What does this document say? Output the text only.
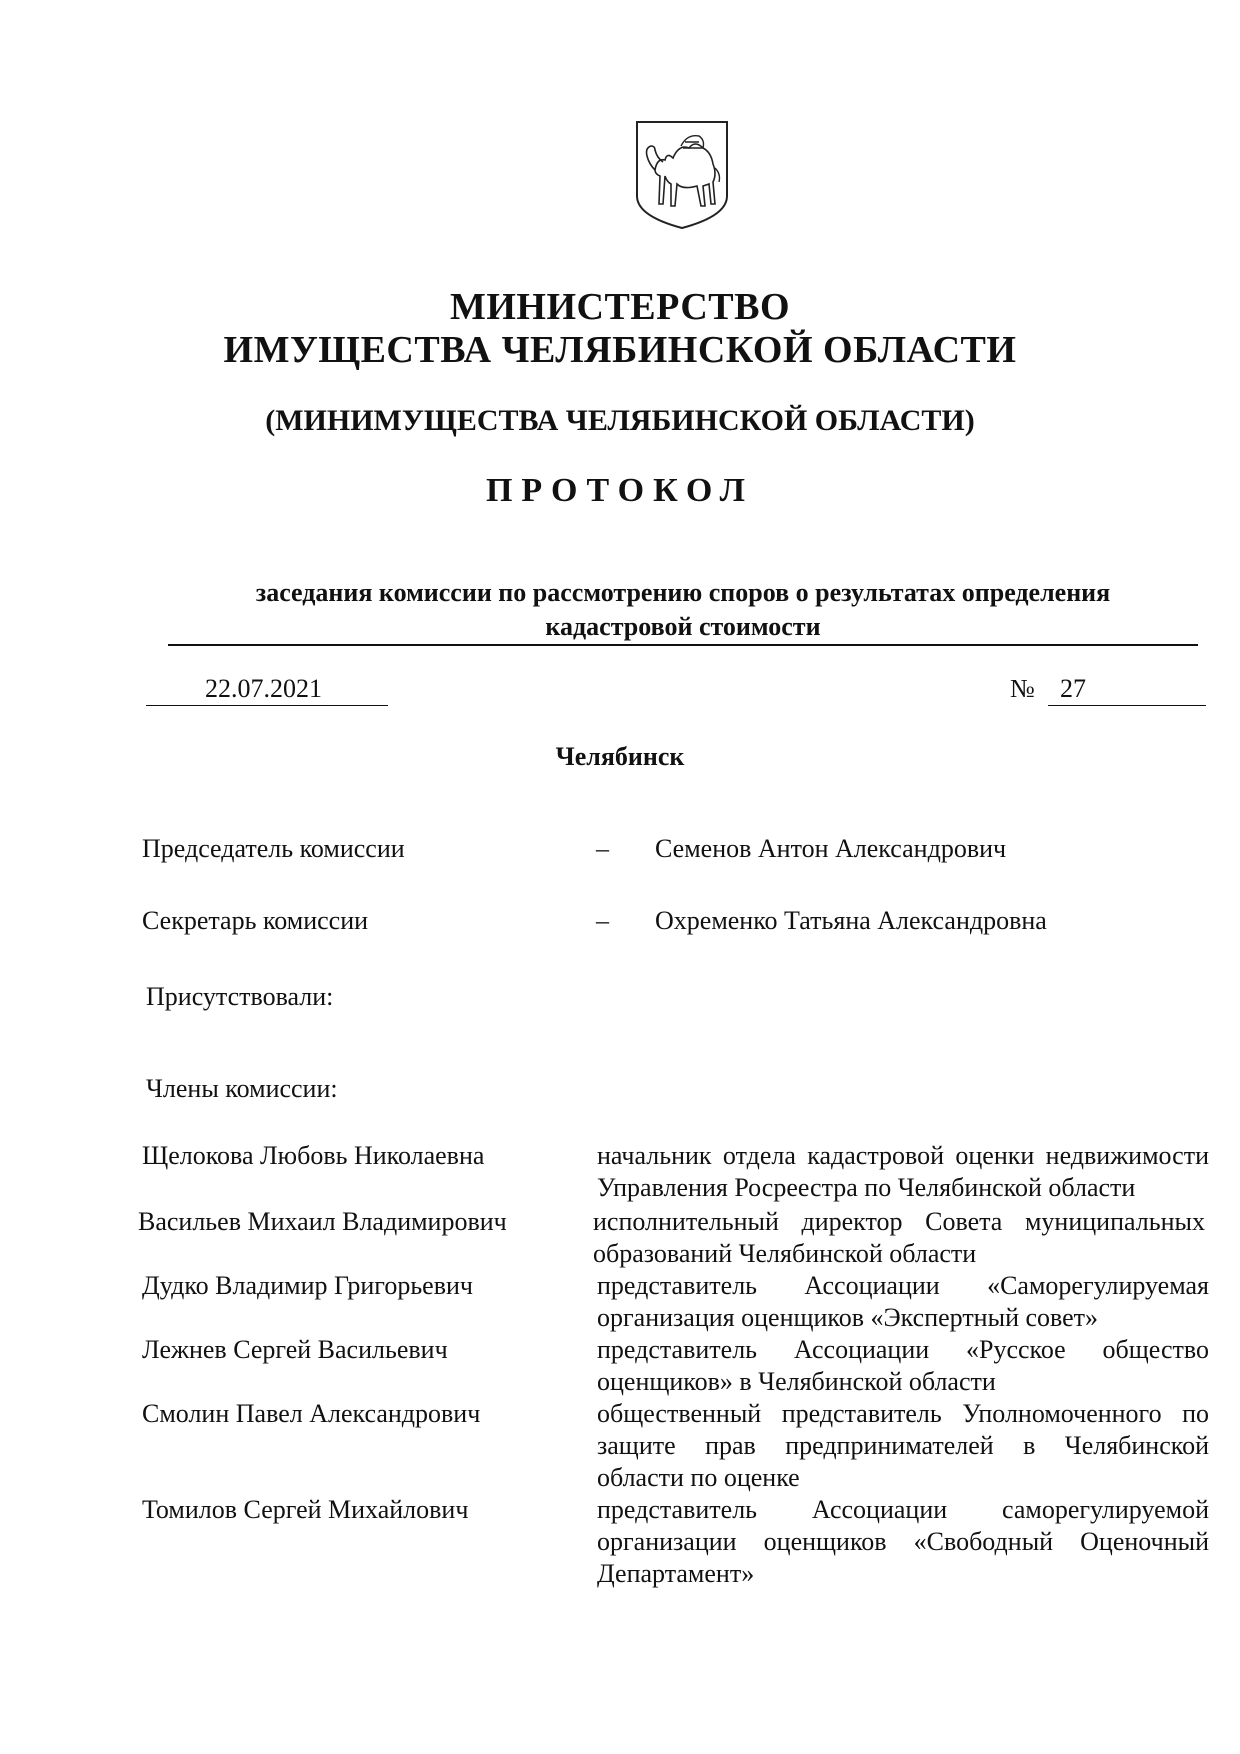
МИНИСТЕРСТВО
ИМУЩЕСТВА ЧЕЛЯБИНСКОЙ ОБЛАСТИ
(МИНИМУЩЕСТВА ЧЕЛЯБИНСКОЙ ОБЛАСТИ)
ПРОТОКОЛ
заседания комиссии по рассмотрению споров о результатах определения
кадастровой стоимости
22.07.2021	№ 27
Челябинск
Председатель комиссии	– Семенов Антон Александрович
Секретарь комиссии	– Охременко Татьяна Александровна
Присутствовали:
Члены комиссии:
Щелокова Любовь Николаевна	начальник отдела кадастровой оценки недвижимости Управления Росреестра по Челябинской области
Васильев Михаил Владимирович	исполнительный директор Совета муниципальных образований Челябинской области
Дудко Владимир Григорьевич	представитель Ассоциации «Саморегулируемая организация оценщиков «Экспертный совет»
Лежнев Сергей Васильевич	представитель Ассоциации «Русское общество оценщиков» в Челябинской области
Смолин Павел Александрович	общественный представитель Уполномоченного по защите прав предпринимателей в Челябинской области по оценке
Томилов Сергей Михайлович	представитель Ассоциации саморегулируемой организации оценщиков «Свободный Оценочный Департамент»
